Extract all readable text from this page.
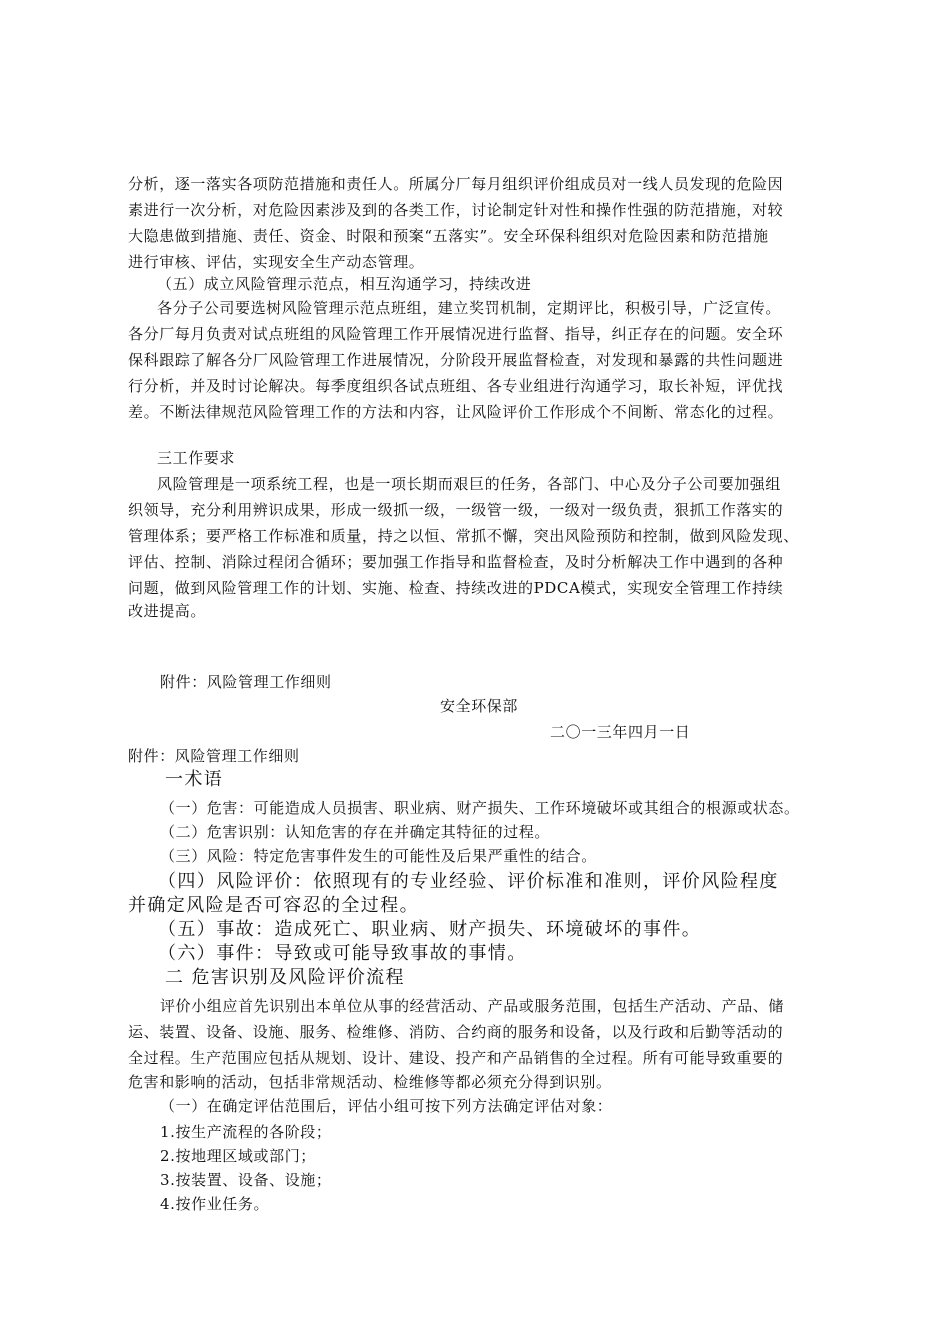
分析，逐一落实各项防范措施和责任人。所属分厂每月组织评价组成员对一线人员发现的危险因
素进行一次分析，对危险因素涉及到的各类工作，讨论制定针对性和操作性强的防范措施，对较
大隐患做到措施、责任、资金、时限和预案“五落实”。安全环保科组织对危险因素和防范措施
进行审核、评估，实现安全生产动态管理。
（五）成立风险管理示范点，相互沟通学习，持续改进
各分子公司要选树风险管理示范点班组，建立奖罚机制，定期评比，积极引导，广泛宣传。
各分厂每月负责对试点班组的风险管理工作开展情况进行监督、指导，纠正存在的问题。安全环
保科跟踪了解各分厂风险管理工作进展情况，分阶段开展监督检查，对发现和暴露的共性问题进
行分析，并及时讨论解决。每季度组织各试点班组、各专业组进行沟通学习，取长补短，评优找
差。不断法律规范风险管理工作的方法和内容，让风险评价工作形成个不间断、常态化的过程。
三工作要求
风险管理是一项系统工程，也是一项长期而艰巨的任务，各部门、中心及分子公司要加强组
织领导，充分利用辨识成果，形成一级抓一级，一级管一级，一级对一级负责，狠抓工作落实的
管理体系；要严格工作标准和质量，持之以恒、常抓不懈，突出风险预防和控制，做到风险发现、
评估、控制、消除过程闭合循环；要加强工作指导和监督检查，及时分析解决工作中遇到的各种
问题，做到风险管理工作的计划、实施、检查、持续改进的PDCA模式，实现安全管理工作持续
改进提高。
附件：风险管理工作细则
安全环保部
二〇一三年四月一日
附件：风险管理工作细则
一术语
（一）危害：可能造成人员损害、职业病、财产损失、工作环境破坏或其组合的根源或状态。
（二）危害识别：认知危害的存在并确定其特征的过程。
（三）风险：特定危害事件发生的可能性及后果严重性的结合。
（四）风险评价：依照现有的专业经验、评价标准和准则，评价风险程度
并确定风险是否可容忍的全过程。
（五）事故：造成死亡、职业病、财产损失、环境破坏的事件。
（六）事件：导致或可能导致事故的事情。
二 危害识别及风险评价流程
评价小组应首先识别出本单位从事的经营活动、产品或服务范围，包括生产活动、产品、储
运、装置、设备、设施、服务、检维修、消防、合约商的服务和设备，以及行政和后勤等活动的
全过程。生产范围应包括从规划、设计、建设、投产和产品销售的全过程。所有可能导致重要的
危害和影响的活动，包括非常规活动、检维修等都必须充分得到识别。
（一）在确定评估范围后，评估小组可按下列方法确定评估对象：
1.按生产流程的各阶段；
2.按地理区域或部门；
3.按装置、设备、设施；
4.按作业任务。
